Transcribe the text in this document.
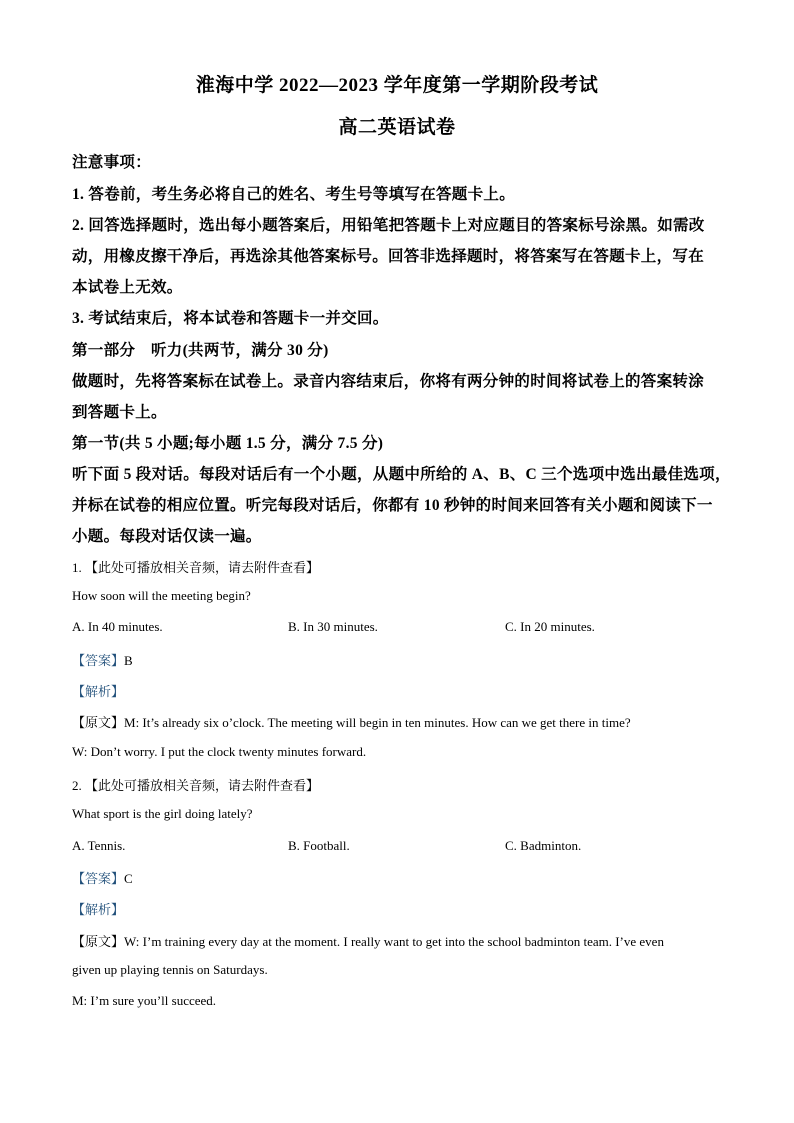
淮海中学 2022—2023 学年度第一学期阶段考试
高二英语试卷
注意事项：
1. 答卷前，考生务必将自己的姓名、考生号等填写在答题卡上。
2. 回答选择题时，选出每小题答案后，用铅笔把答题卡上对应题目的答案标号涂黑。如需改
动，用橡皮擦干净后，再选涂其他答案标号。回答非选择题时，将答案写在答题卡上，写在
本试卷上无效。
3. 考试结束后，将本试卷和答题卡一并交回。
第一部分　听力(共两节，满分 30 分)
做题时，先将答案标在试卷上。录音内容结束后，你将有两分钟的时间将试卷上的答案转涂
到答题卡上。
第一节(共 5 小题;每小题 1.5 分，满分 7.5 分)
听下面 5 段对话。每段对话后有一个小题，从题中所给的 A、B、C 三个选项中选出最佳选项，
并标在试卷的相应位置。听完每段对话后，你都有 10 秒钟的时间来回答有关小题和阅读下一
小题。每段对话仅读一遍。
1. 【此处可播放相关音频，请去附件查看】
How soon will the meeting begin?
A. In 40 minutes.	B. In 30 minutes.	C. In 20 minutes.
【答案】B
【解析】
【原文】M: It’s already six o’clock. The meeting will begin in ten minutes. How can we get there in time?
W: Don’t worry. I put the clock twenty minutes forward.
2. 【此处可播放相关音频，请去附件查看】
What sport is the girl doing lately?
A. Tennis.	B. Football.	C. Badminton.
【答案】C
【解析】
【原文】W: I’m training every day at the moment. I really want to get into the school badminton team. I’ve even
given up playing tennis on Saturdays.
M: I’m sure you’ll succeed.
